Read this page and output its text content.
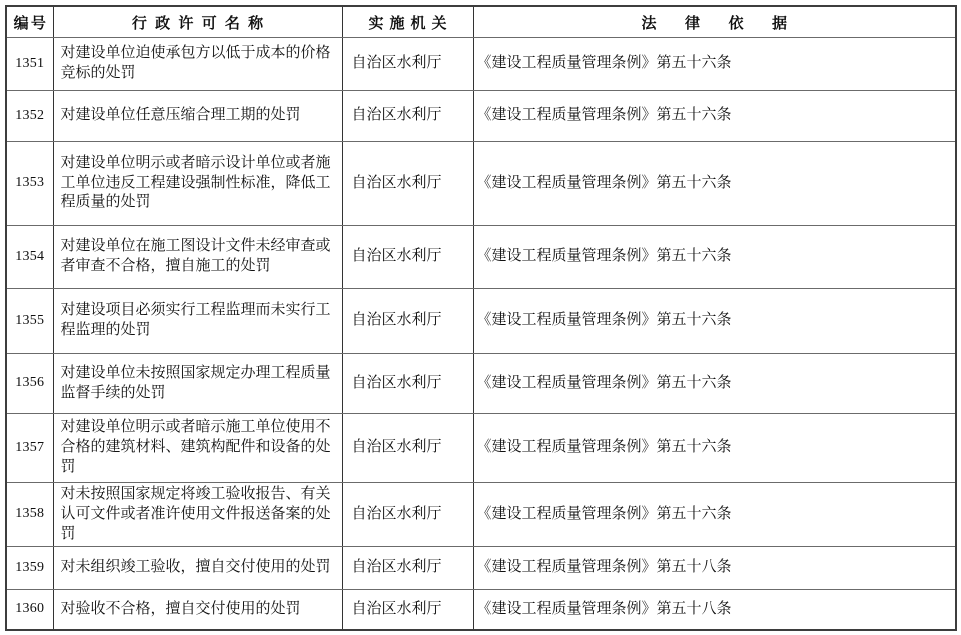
编号	行政许可名称	实施机关	法律依据
1351	对建设单位迫使承包方以低于成本的价格竞标的处罚	自治区水利厅	《建设工程质量管理条例》第五十六条
1352	对建设单位任意压缩合理工期的处罚	自治区水利厅	《建设工程质量管理条例》第五十六条
1353	对建设单位明示或者暗示设计单位或者施工单位违反工程建设强制性标准，降低工程质量的处罚	自治区水利厅	《建设工程质量管理条例》第五十六条
1354	对建设单位在施工图设计文件未经审查或者审查不合格，擅自施工的处罚	自治区水利厅	《建设工程质量管理条例》第五十六条
1355	对建设项目必须实行工程监理而未实行工程监理的处罚	自治区水利厅	《建设工程质量管理条例》第五十六条
1356	对建设单位未按照国家规定办理工程质量监督手续的处罚	自治区水利厅	《建设工程质量管理条例》第五十六条
1357	对建设单位明示或者暗示施工单位使用不合格的建筑材料、建筑构配件和设备的处罚	自治区水利厅	《建设工程质量管理条例》第五十六条
1358	对未按照国家规定将竣工验收报告、有关认可文件或者准许使用文件报送备案的处罚	自治区水利厅	《建设工程质量管理条例》第五十六条
1359	对未组织竣工验收，擅自交付使用的处罚	自治区水利厅	《建设工程质量管理条例》第五十八条
1360	对验收不合格，擅自交付使用的处罚	自治区水利厅	《建设工程质量管理条例》第五十八条
